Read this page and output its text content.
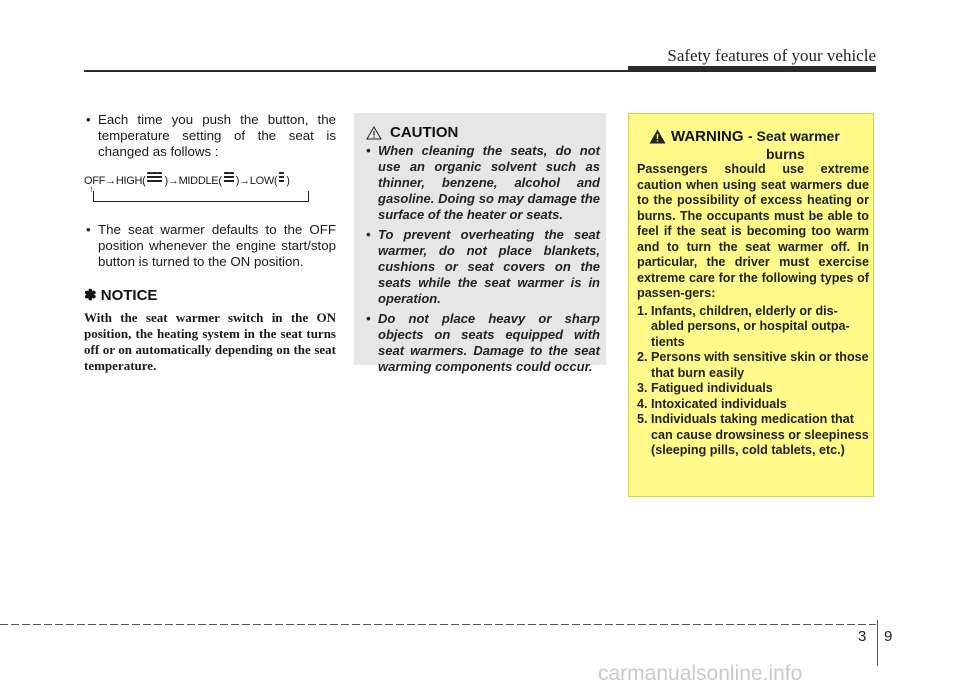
Safety features of your vehicle
• Each time you push the button, the temperature setting of the seat is changed as follows :
OFF → HIGH( ) → MIDDLE( ) → LOW( )
↑
• The seat warmer defaults to the OFF position whenever the engine start/stop button is turned to the ON position.
✽ NOTICE
With the seat warmer switch in the ON position, the heating system in the seat turns off or on automatically depending on the seat temperature.
CAUTION
• When cleaning the seats, do not use an organic solvent such as thinner, benzene, alcohol and gasoline. Doing so may damage the surface of the heater or seats.
• To prevent overheating the seat warmer, do not place blankets, cushions or seat covers on the seats while the seat warmer is in operation.
• Do not place heavy or sharp objects on seats equipped with seat warmers. Damage to the seat warming components could occur.
WARNING - Seat warmer
burns
Passengers should use extreme caution when using seat warmers due to the possibility of excess heating or burns. The occupants must be able to feel if the seat is becoming too warm and to turn the seat warmer off. In particular, the driver must exercise extreme care for the following types of passen-gers:
1. Infants, children, elderly or dis-abled persons, or hospital outpa-tients
2. Persons with sensitive skin or those that burn easily
3. Fatigued individuals
4. Intoxicated individuals
5. Individuals taking medication that can cause drowsiness or sleepiness (sleeping pills, cold tablets, etc.)
3 9
carmanualsonline.info
